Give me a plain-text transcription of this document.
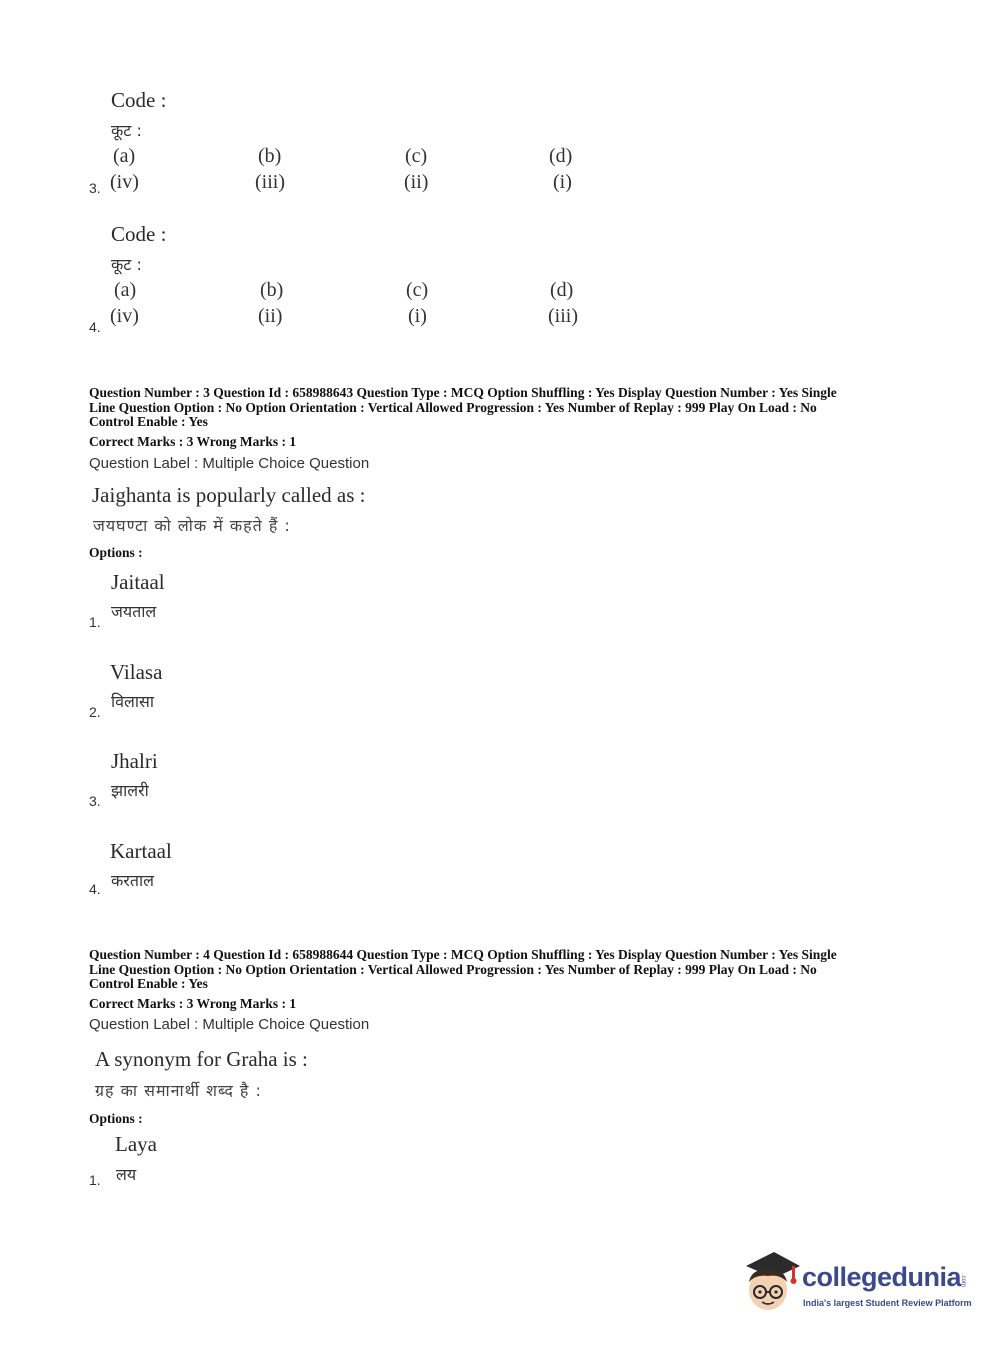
Code :
कूट :
(a)	(b)	(c)	(d)
3. (iv)	(iii)	(ii)	(i)
Code :
कूट :
(a)	(b)	(c)	(d)
4. (iv)	(ii)	(i)	(iii)
Question Number : 3 Question Id : 658988643 Question Type : MCQ Option Shuffling : Yes Display Question Number : Yes Single
Line Question Option : No Option Orientation : Vertical Allowed Progression : Yes Number of Replay : 999 Play On Load : No
Control Enable : Yes
Correct Marks : 3 Wrong Marks : 1
Question Label : Multiple Choice Question
Jaighanta is popularly called as :
जयघण्टा को लोक में कहते हैं :
Options :
Jaitaal
जयताल
1.
Vilasa
विलासा
2.
Jhalri
झालरी
3.
Kartaal
करताल
4.
Question Number : 4 Question Id : 658988644 Question Type : MCQ Option Shuffling : Yes Display Question Number : Yes Single
Line Question Option : No Option Orientation : Vertical Allowed Progression : Yes Number of Replay : 999 Play On Load : No
Control Enable : Yes
Correct Marks : 3 Wrong Marks : 1
Question Label : Multiple Choice Question
A synonym for Graha is :
ग्रह का समानार्थी शब्द है :
Options :
Laya
लय
1.
collegedunia
.com
India's largest Student Review Platform
